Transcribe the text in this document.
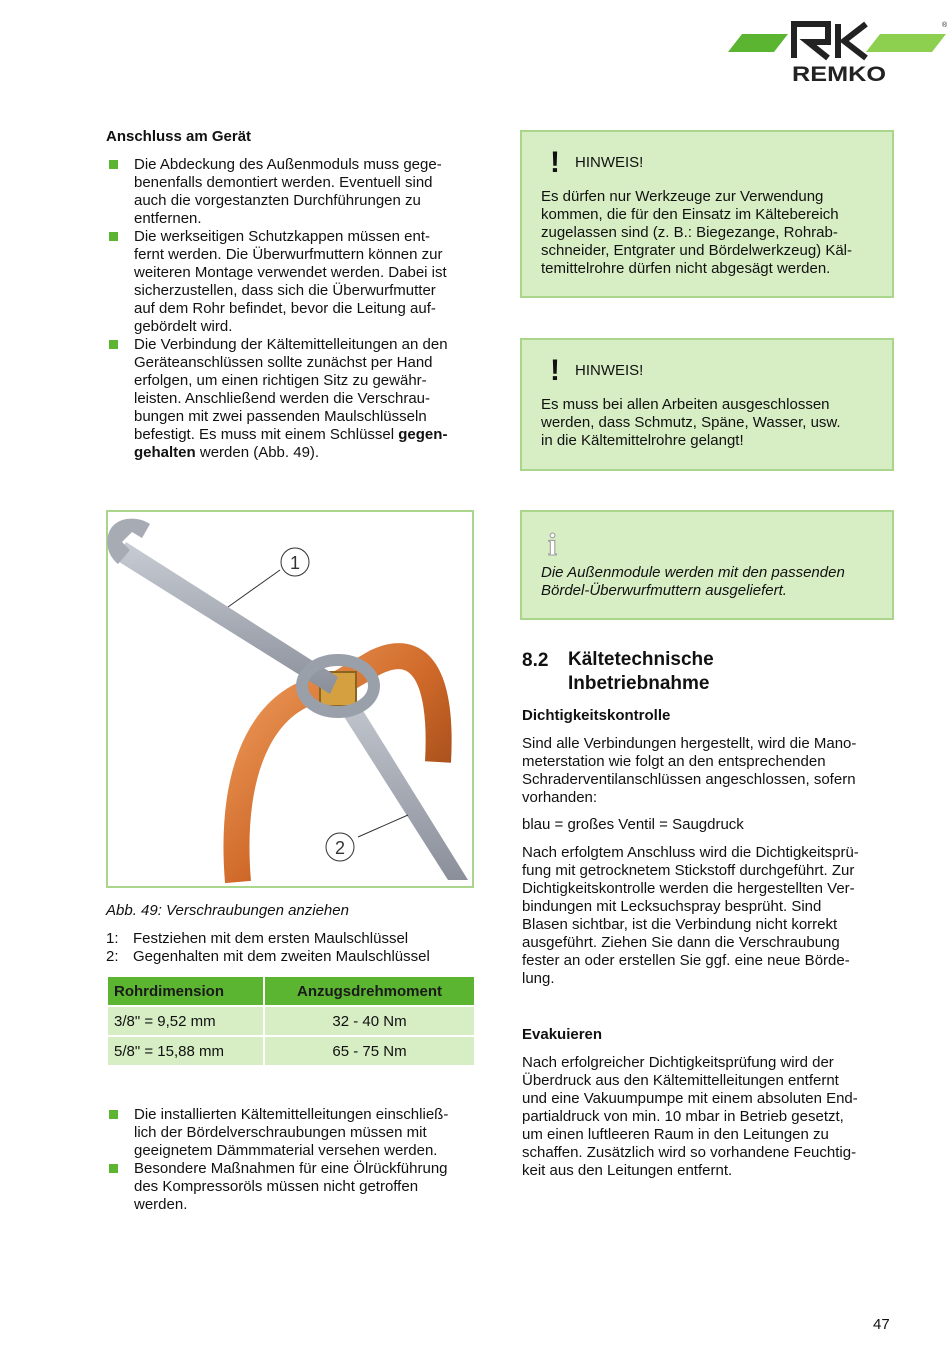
®
REMKO
Anschluss am Gerät
Die Abdeckung des Außenmoduls muss gege-
benenfalls demontiert werden. Eventuell sind
auch die vorgestanzten Durchführungen zu
entfernen.
Die werkseitigen Schutzkappen müssen ent-
fernt werden. Die Überwurfmuttern können zur
weiteren Montage verwendet werden. Dabei ist
sicherzustellen, dass sich die Überwurfmutter
auf dem Rohr befindet, bevor die Leitung auf-
gebördelt wird.
Die Verbindung der Kältemittelleitungen an den
Geräteanschlüssen sollte zunächst per Hand
erfolgen, um einen richtigen Sitz zu gewähr-
leisten. Anschließend werden die Verschrau-
bungen mit zwei passenden Maulschlüsseln
befestigt. Es muss mit einem Schlüssel gegen-
gehalten werden (Abb. 49).
1
2
Abb. 49: Verschraubungen anziehen
1: Festziehen mit dem ersten Maulschlüssel
2: Gegenhalten mit dem zweiten Maulschlüssel
Rohrdimension	Anzugsdrehmoment
3/8" = 9,52 mm	32 - 40 Nm
5/8" = 15,88 mm	65 - 75 Nm
Die installierten Kältemittelleitungen einschließ-
lich der Bördelverschraubungen müssen mit
geeignetem Dämmmaterial versehen werden.
Besondere Maßnahmen für eine Ölrückführung
des Kompressoröls müssen nicht getroffen
werden.
! HINWEIS!
Es dürfen nur Werkzeuge zur Verwendung
kommen, die für den Einsatz im Kältebereich
zugelassen sind (z. B.: Biegezange, Rohrab-
schneider, Entgrater und Bördelwerkzeug) Käl-
temittelrohre dürfen nicht abgesägt werden.
! HINWEIS!
Es muss bei allen Arbeiten ausgeschlossen
werden, dass Schmutz, Späne, Wasser, usw.
in die Kältemittelrohre gelangt!
i
Die Außenmodule werden mit den passenden
Bördel-Überwurfmuttern ausgeliefert.
8.2 Kältetechnische
Inbetriebnahme
Dichtigkeitskontrolle
Sind alle Verbindungen hergestellt, wird die Mano-
meterstation wie folgt an den entsprechenden
Schraderventilanschlüssen angeschlossen, sofern
vorhanden:
blau = großes Ventil = Saugdruck
Nach erfolgtem Anschluss wird die Dichtigkeitsprü-
fung mit getrocknetem Stickstoff durchgeführt. Zur
Dichtigkeitskontrolle werden die hergestellten Ver-
bindungen mit Lecksuchspray besprüht. Sind
Blasen sichtbar, ist die Verbindung nicht korrekt
ausgeführt. Ziehen Sie dann die Verschraubung
fester an oder erstellen Sie ggf. eine neue Börde-
lung.
Evakuieren
Nach erfolgreicher Dichtigkeitsprüfung wird der
Überdruck aus den Kältemittelleitungen entfernt
und eine Vakuumpumpe mit einem absoluten End-
partialdruck von min. 10 mbar in Betrieb gesetzt,
um einen luftleeren Raum in den Leitungen zu
schaffen. Zusätzlich wird so vorhandene Feuchtig-
keit aus den Leitungen entfernt.
47
